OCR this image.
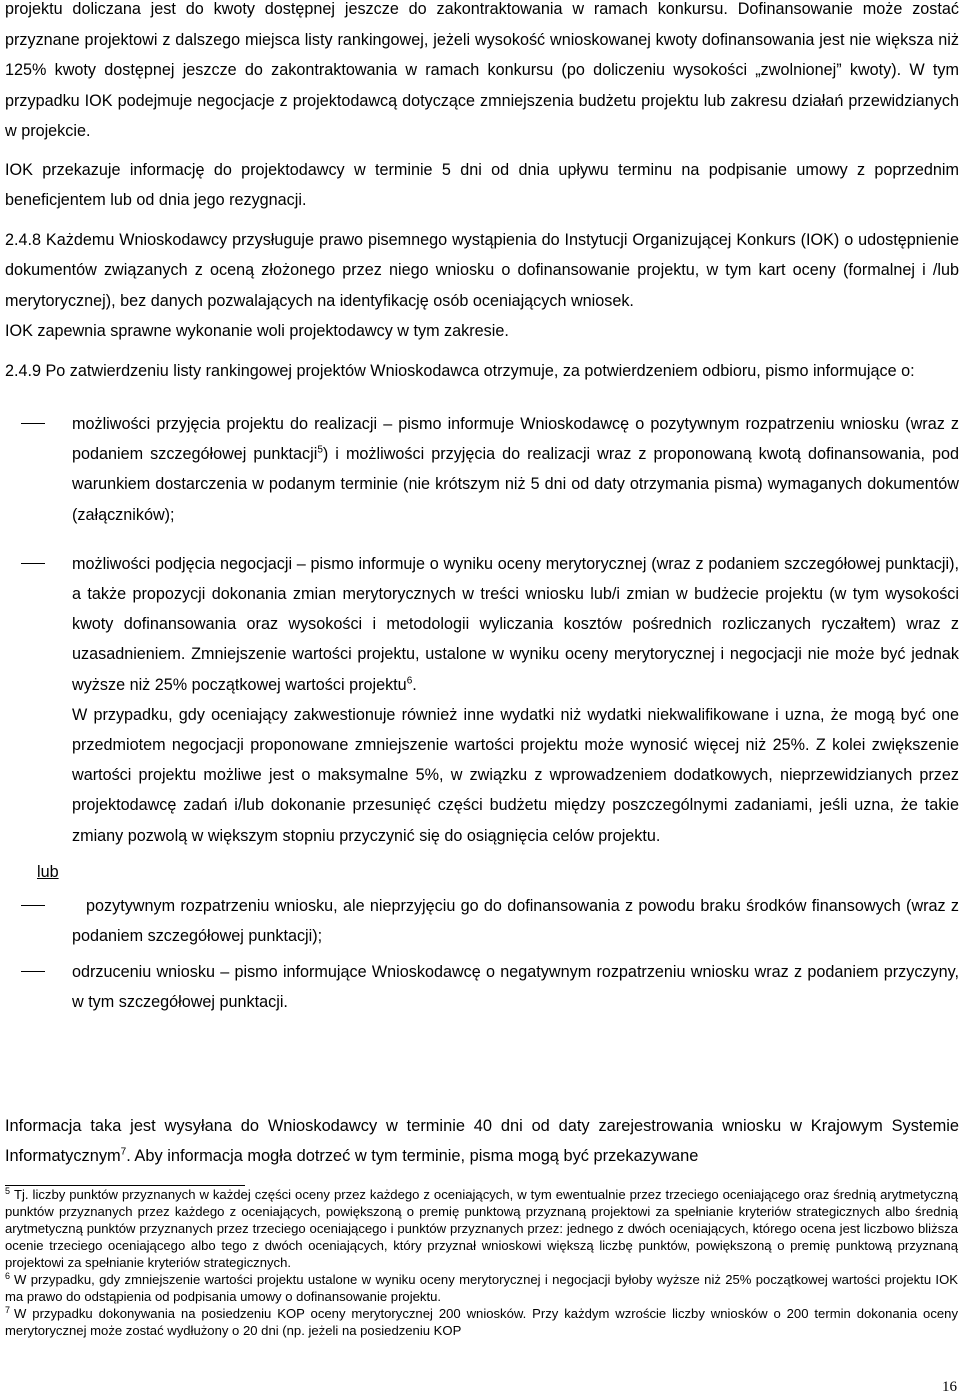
projektu doliczana jest do kwoty dostępnej jeszcze do zakontraktowania w ramach konkursu. Dofinansowanie może zostać przyznane projektowi z dalszego miejsca listy rankingowej, jeżeli wysokość wnioskowanej kwoty dofinansowania jest nie większa niż 125% kwoty dostępnej jeszcze do zakontraktowania w ramach konkursu (po doliczeniu wysokości „zwolnionej” kwoty). W tym przypadku IOK podejmuje negocjacje z projektodawcą dotyczące zmniejszenia budżetu projektu lub zakresu działań przewidzianych w projekcie.

IOK przekazuje informację do projektodawcy w terminie 5 dni od dnia upływu terminu na podpisanie umowy z poprzednim beneficjentem lub od dnia jego rezygnacji.

2.4.8 Każdemu Wnioskodawcy przysługuje prawo pisemnego wystąpienia do Instytucji Organizującej Konkurs (IOK) o udostępnienie dokumentów związanych z oceną złożonego przez niego wniosku o dofinansowanie projektu, w tym kart oceny (formalnej i /lub merytorycznej), bez danych pozwalających na identyfikację osób oceniających wniosek.
IOK zapewnia sprawne wykonanie woli projektodawcy w tym zakresie.

2.4.9 Po zatwierdzeniu listy rankingowej projektów Wnioskodawca otrzymuje, za potwierdzeniem odbioru, pismo informujące o:

możliwości przyjęcia projektu do realizacji – pismo informuje Wnioskodawcę o pozytywnym rozpatrzeniu wniosku (wraz z podaniem szczegółowej punktacji$^5$) i możliwości przyjęcia do realizacji wraz z proponowaną kwotą dofinansowania, pod warunkiem dostarczenia w podanym terminie (nie krótszym niż 5 dni od daty otrzymania pisma) wymaganych dokumentów (załączników);
możliwości podjęcia negocjacji – pismo informuje o wyniku oceny merytorycznej (wraz z podaniem szczegółowej punktacji), a także propozycji dokonania zmian merytorycznych w treści wniosku lub/i zmian w budżecie projektu (w tym wysokości kwoty dofinansowania oraz wysokości i metodologii wyliczania kosztów pośrednich rozliczanych ryczałtem) wraz z uzasadnieniem. Zmniejszenie wartości projektu, ustalone w wyniku oceny merytorycznej i negocjacji nie może być jednak wyższe niż 25% początkowej wartości projektu$^6$.
W przypadku, gdy oceniający zakwestionuje również inne wydatki niż wydatki niekwalifikowane i uzna, że mogą być one przedmiotem negocjacji proponowane zmniejszenie wartości projektu może wynosić więcej niż 25%. Z kolei zwiększenie wartości projektu możliwe jest o maksymalne 5%, w związku z wprowadzeniem dodatkowych, nieprzewidzianych przez projektodawcę zadań i/lub dokonanie przesunięć części budżetu między poszczególnymi zadaniami, jeśli uzna, że takie zmiany pozwolą w większym stopniu przyczynić się do osiągnięcia celów projektu.
lub
pozytywnym rozpatrzeniu wniosku, ale nieprzyjęciu go do dofinansowania z powodu braku środków finansowych (wraz z podaniem szczegółowej punktacji);
odrzuceniu wniosku – pismo informujące Wnioskodawcę o negatywnym rozpatrzeniu wniosku wraz z podaniem przyczyny, w tym szczegółowej punktacji.
Informacja taka jest wysyłana do Wnioskodawcy w terminie 40 dni od daty zarejestrowania wniosku w Krajowym Systemie Informatycznym$^7$. Aby informacja mogła dotrzeć w tym terminie, pisma mogą być przekazywane

$^5$ Tj. liczby punktów przyznanych w każdej części oceny przez każdego z oceniających, w tym ewentualnie przez trzeciego oceniającego oraz średnią arytmetyczną punktów przyznanych przez każdego z oceniających, powiększoną o premię punktową przyznaną projektowi za spełnianie kryteriów strategicznych albo średnią arytmetyczną punktów przyznanych przez trzeciego oceniającego i punktów przyznanych przez: jednego z dwóch oceniających, którego ocena jest liczbowo bliższa ocenie trzeciego oceniającego albo tego z dwóch oceniających, który przyznał wnioskowi większą liczbę punktów, powiększoną o premię punktową przyznaną projektowi za spełnianie kryteriów strategicznych.

$^6$ W przypadku, gdy zmniejszenie wartości projektu ustalone w wyniku oceny merytorycznej i negocjacji byłoby wyższe niż 25% początkowej wartości projektu IOK ma prawo do odstąpienia od podpisania umowy o dofinansowanie projektu.

$^7$ W przypadku dokonywania na posiedzeniu KOP oceny merytorycznej 200 wniosków. Przy każdym wzroście liczby wniosków o 200 termin dokonania oceny merytorycznej może zostać wydłużony o 20 dni (np. jeżeli na posiedzeniu KOP

16
